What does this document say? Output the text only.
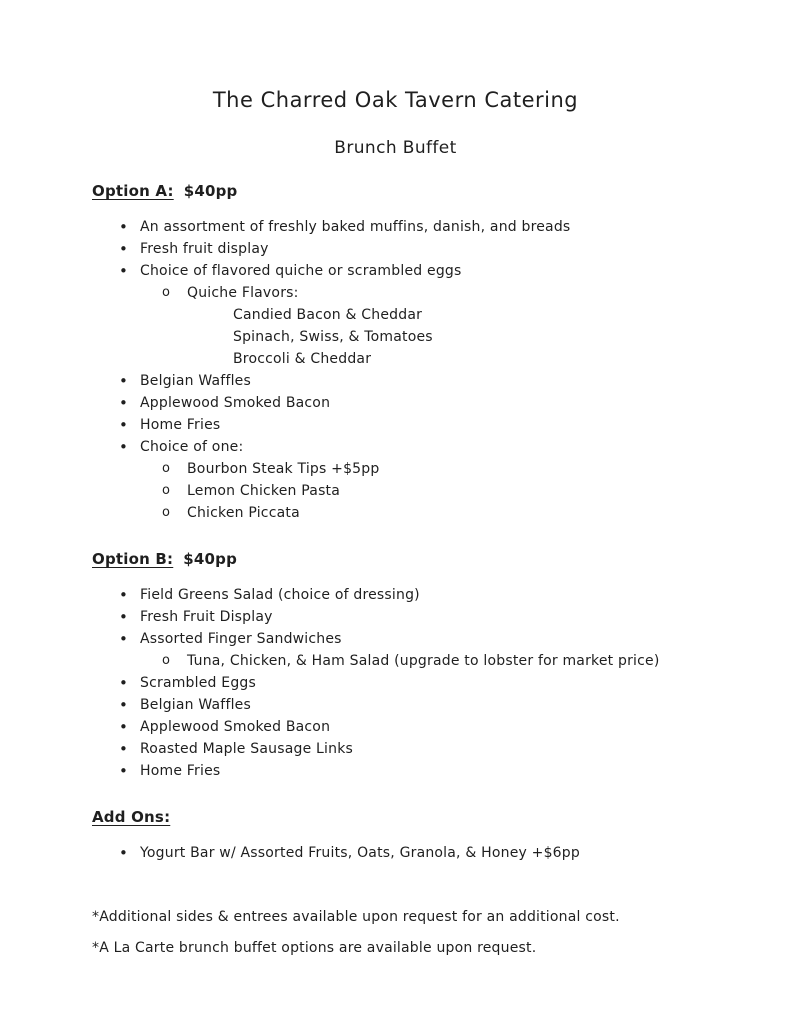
The Charred Oak Tavern Catering
Brunch Buffet
Option A: $40pp
• An assortment of freshly baked muffins, danish, and breads
• Fresh fruit display
• Choice of flavored quiche or scrambled eggs
o Quiche Flavors:
Candied Bacon & Cheddar
Spinach, Swiss, & Tomatoes
Broccoli & Cheddar
• Belgian Waffles
• Applewood Smoked Bacon
• Home Fries
• Choice of one:
o Bourbon Steak Tips +$5pp
o Lemon Chicken Pasta
o Chicken Piccata
Option B: $40pp
• Field Greens Salad (choice of dressing)
• Fresh Fruit Display
• Assorted Finger Sandwiches
o Tuna, Chicken, & Ham Salad (upgrade to lobster for market price)
• Scrambled Eggs
• Belgian Waffles
• Applewood Smoked Bacon
• Roasted Maple Sausage Links
• Home Fries
Add Ons:
• Yogurt Bar w/ Assorted Fruits, Oats, Granola, & Honey +$6pp
*Additional sides & entrees available upon request for an additional cost.
*A La Carte brunch buffet options are available upon request.
